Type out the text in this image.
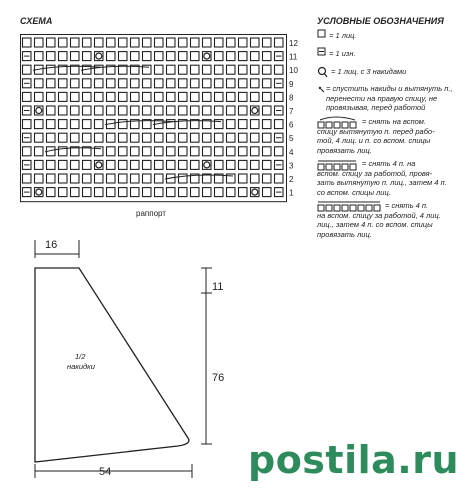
СХЕМА
12
11
10
9
8
7
6
5
4
3
2
1
раппорт
УСЛОВНЫЕ ОБОЗНАЧЕНИЯ
= 1 лиц.
= 1 изн.
= 1 лиц. с 3 накидами
= спустить накиды и вытянуть п.,
перенести на правую спицу, не
провязывая, перед работой
= снять на вспом.
спицу вытянутую п. перед рабо-
той, 4 лиц. и п. со вспом. спицы
провязать лиц.
= снять 4 п. на
вспом. спицу за работой, провя-
зать вытянутую п. лиц., затем 4 п.
со вспом. спицы лиц.
= снять 4 п.
на вспом. спицу за работой, 4 лиц.
лиц., затем 4 п. со вспом. спицы
провязать лиц.
16
11
76
54
1/2
накидки
postila.ru
